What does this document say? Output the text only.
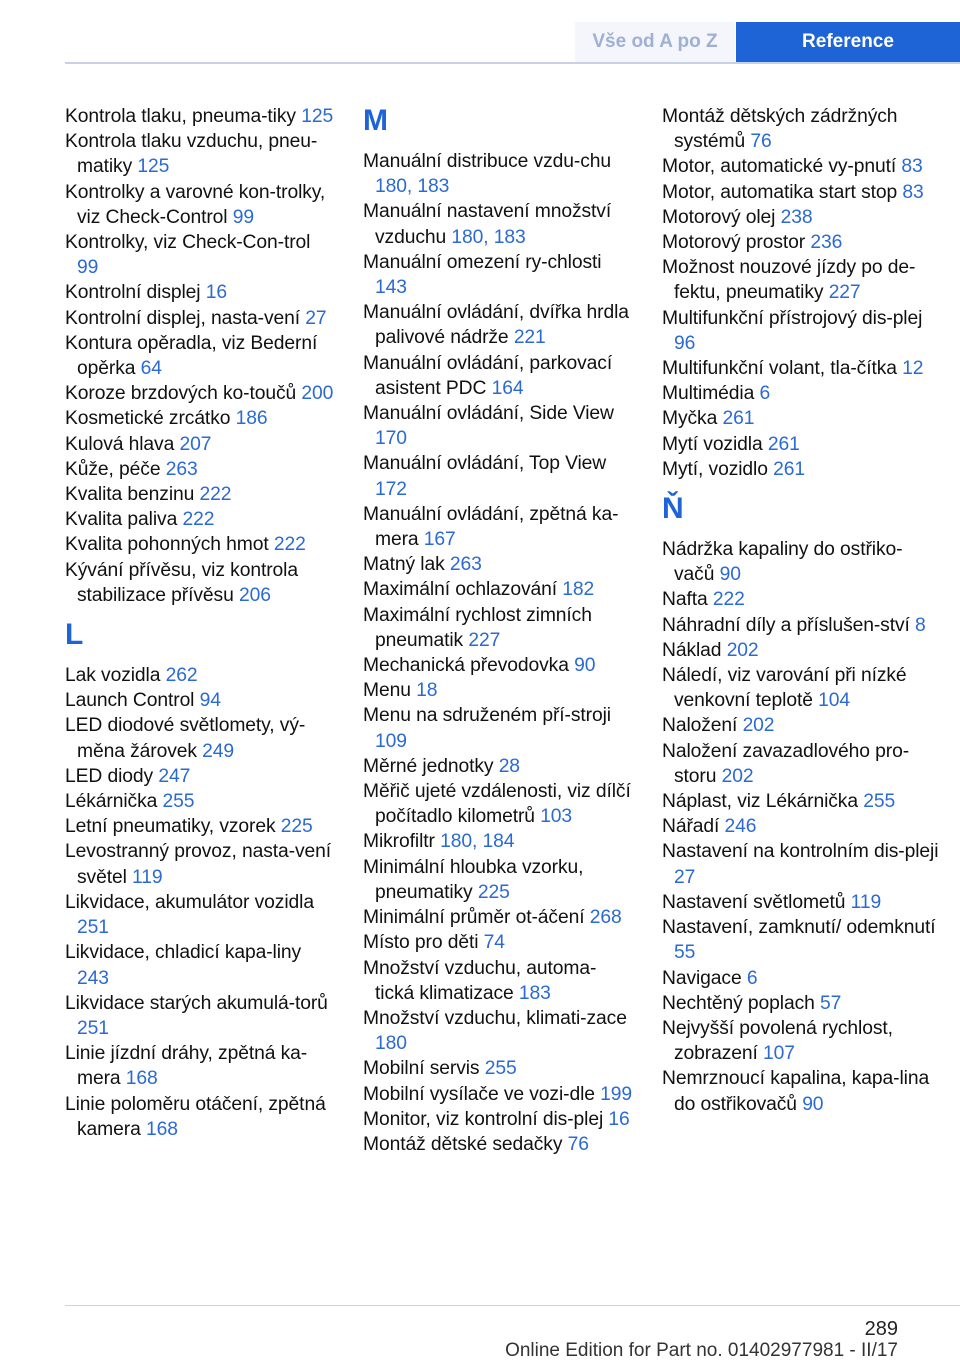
Vše od A po Z	Reference
Kontrola tlaku, pneuma-tiky 125
Kontrola tlaku vzduchu, pneu-matiky 125
Kontrolky a varovné kon-trolky, viz Check-Control 99
Kontrolky, viz Check-Con-trol 99
Kontrolní displej 16
Kontrolní displej, nasta-vení 27
Kontura opěradla, viz Bederní opěrka 64
Koroze brzdových ko-toučů 200
Kosmetické zrcátko 186
Kulová hlava 207
Kůže, péče 263
Kvalita benzinu 222
Kvalita paliva 222
Kvalita pohonných hmot 222
Kývání přívěsu, viz kontrola stabilizace přívěsu 206
L
Lak vozidla 262
Launch Control 94
LED diodové světlomety, vý-měna žárovek 249
LED diody 247
Lékárnička 255
Letní pneumatiky, vzorek 225
Levostranný provoz, nasta-vení světel 119
Likvidace, akumulátor vozidla 251
Likvidace, chladicí kapa-liny 243
Likvidace starých akumulá-torů 251
Linie jízdní dráhy, zpětná ka-mera 168
Linie poloměru otáčení, zpětná kamera 168
M
Manuální distribuce vzdu-chu 180, 183
Manuální nastavení množství vzduchu 180, 183
Manuální omezení ry-chlosti 143
Manuální ovládání, dvířka hrdla palivové nádrže 221
Manuální ovládání, parkovací asistent PDC 164
Manuální ovládání, Side View 170
Manuální ovládání, Top View 172
Manuální ovládání, zpětná ka-mera 167
Matný lak 263
Maximální ochlazování 182
Maximální rychlost zimních pneumatik 227
Mechanická převodovka 90
Menu 18
Menu na sdruženém pří-stroji 109
Měrné jednotky 28
Měřič ujeté vzdálenosti, viz dílčí počítadlo kilometrů 103
Mikrofiltr 180, 184
Minimální hloubka vzorku, pneumatiky 225
Minimální průměr ot-áčení 268
Místo pro děti 74
Množství vzduchu, automa-tická klimatizace 183
Množství vzduchu, klimati-zace 180
Mobilní servis 255
Mobilní vysílače ve vozi-dle 199
Monitor, viz kontrolní dis-plej 16
Montáž dětské sedačky 76
Montáž dětských zádržných systémů 76
Motor, automatické vy-pnutí 83
Motor, automatika start stop 83
Motorový olej 238
Motorový prostor 236
Možnost nouzové jízdy po de-fektu, pneumatiky 227
Multifunkční přístrojový dis-plej 96
Multifunkční volant, tla-čítka 12
Multimédia 6
Myčka 261
Mytí vozidla 261
Mytí, vozidlo 261
Ň
Nádržka kapaliny do ostřiko-vačů 90
Nafta 222
Náhradní díly a příslušen-ství 8
Náklad 202
Náledí, viz varování při nízké venkovní teplotě 104
Naložení 202
Naložení zavazadlového pro-storu 202
Náplast, viz Lékárnička 255
Nářadí 246
Nastavení na kontrolním dis-pleji 27
Nastavení světlometů 119
Nastavení, zamknutí/ odemknutí 55
Navigace 6
Nechtěný poplach 57
Nejvyšší povolená rychlost, zobrazení 107
Nemrznoucí kapalina, kapa-lina do ostřikovačů 90
289
Online Edition for Part no. 01402977981 - II/17
